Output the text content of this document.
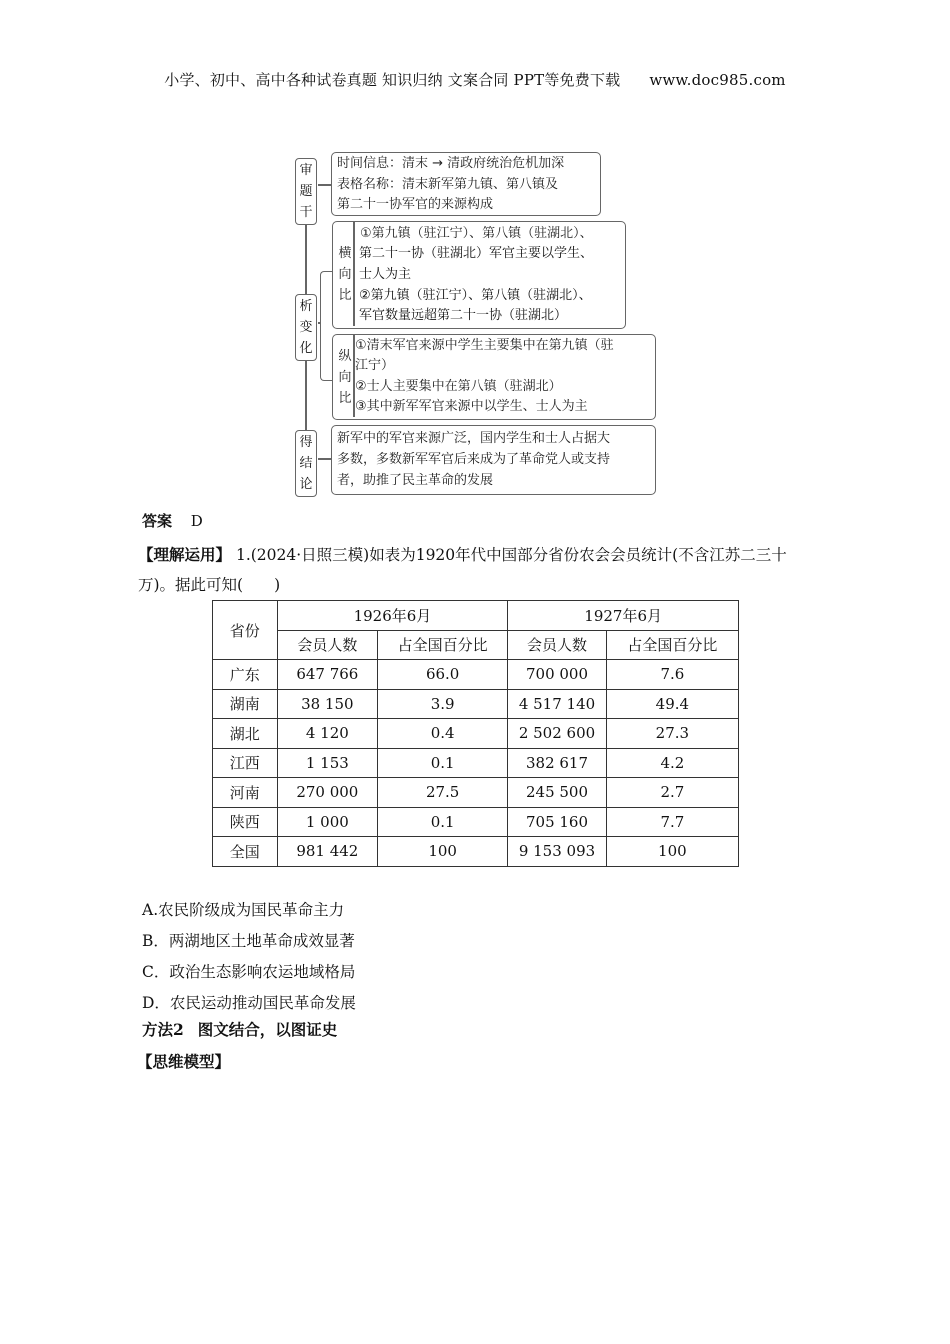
小学、初中、高中各种试卷真题 知识归纳 文案合同 PPT等免费下载 www.doc985.com
审
题
干
时间信息：清末 → 清政府统治危机加深
表格名称：清末新军第九镇、第八镇及
第二十一协军官的来源构成
析
变
化
横
向
比
①第九镇（驻江宁）、第八镇（驻湖北）、
纵
向
比
①清末军官来源中学生主要集中在第九镇（驻
江宁）
②士人主要集中在第八镇（驻湖北）
③其中新军军官来源中以学生、士人为主
得
结
论
新军中的军官来源广泛，国内学生和士人占据大
多数，多数新军军官后来成为了革命党人或支持
者，助推了民主革命的发展
第二十一协（驻湖北）军官主要以学生、
士人为主
②第九镇（驻江宁）、第八镇（驻湖北）、
军官数量远超第二十一协（驻湖北）
答案 D
【理解运用】 1.(2024·日照三模)如表为1920年代中国部分省份农会会员统计(不含江苏二三十万)。据此可知(　　)
省份	1926年6月		1927年6月	
	会员人数	占全国百分比	会员人数	占全国百分比
广东	647 766	66.0	700 000	7.6
湖南	38 150	3.9	4 517 140	49.4
湖北	4 120	0.4	2 502 600	27.3
江西	1 153	0.1	382 617	4.2
河南	270 000	27.5	245 500	2.7
陕西	1 000	0.1	705 160	7.7
全国	981 442	100	9 153 093	100
A.农民阶级成为国民革命主力
B．两湖地区土地革命成效显著
C．政治生态影响农运地域格局
D．农民运动推动国民革命发展
方法2 图文结合，以图证史
【思维模型】
